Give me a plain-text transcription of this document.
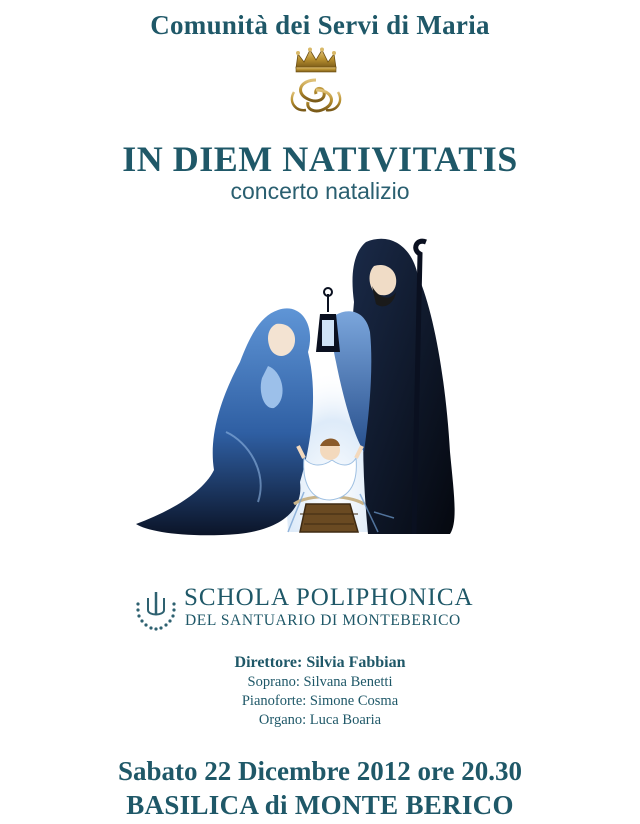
Comunità dei Servi di Maria
IN DIEM NATIVITATIS
concerto natalizio
SCHOLA POLIPHONICA
DEL SANTUARIO DI MONTEBERICO
Direttore: Silvia Fabbian
Soprano: Silvana Benetti
Pianoforte: Simone Cosma
Organo: Luca Boaria
Sabato 22 Dicembre 2012 ore 20.30
BASILICA di MONTE BERICO
